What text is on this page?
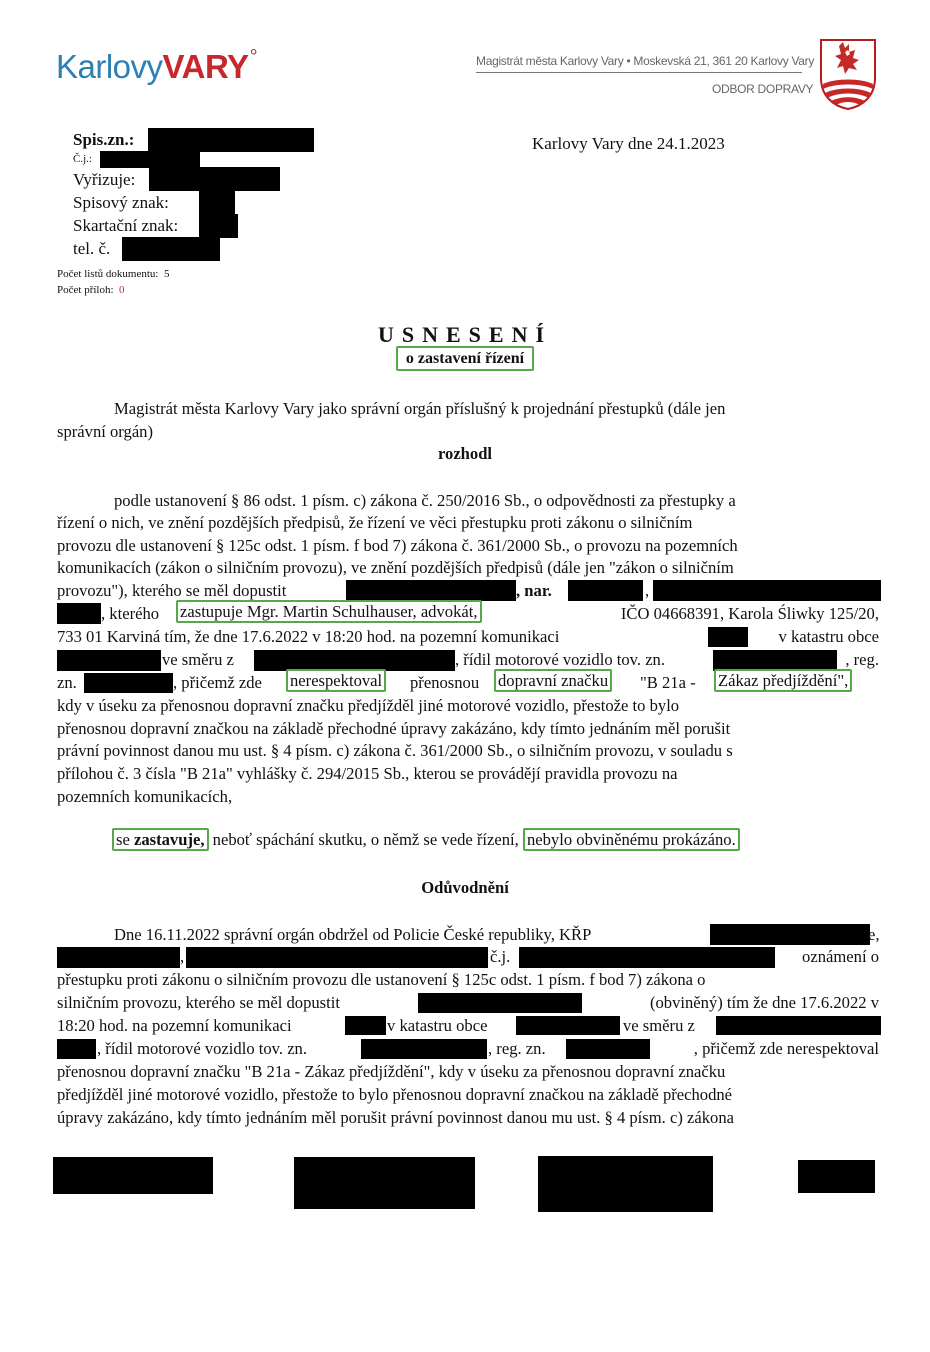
KarlovyVARY°	Magistrát města Karlovy Vary • Moskevská 21, 361 20 Karlovy Vary
ODBOR DOPRAVY
Spis.zn.:
Č.j.:
Vyřizuje:
Spisový znak:
Skartační znak:
tel. č.
Karlovy Vary dne 24.1.2023
Počet listů dokumentu: 5
Počet příloh: 0
USNESENÍ
o zastavení řízení
Magistrát města Karlovy Vary jako správní orgán příslušný k projednání přestupků (dále jen
správní orgán)
rozhodl
podle ustanovení § 86 odst. 1 písm. c) zákona č. 250/2016 Sb., o odpovědnosti za přestupky a
řízení o nich, ve znění pozdějších předpisů, že řízení ve věci přestupku proti zákonu o silničním
provozu dle ustanovení § 125c odst. 1 písm. f bod 7) zákona č. 361/2000 Sb., o provozu na pozemních
komunikacích (zákon o silničním provozu), ve znění pozdějších předpisů (dále jen "zákon o silničním
provozu"), kterého se měl dopustit	, nar.	,
, kterého zastupuje Mgr. Martin Schulhauser, advokát,	IČO 04668391, Karola Śliwky 125/20,
733 01 Karviná tím, že dne 17.6.2022 v 18:20 hod. na pozemní komunikaci	v katastru obce
ve směru z	, řídil motorové vozidlo tov. zn.	, reg.
zn.	, přičemž zde nerespektoval přenosnou dopravní značku "B 21a - Zákaz předjíždění",
kdy v úseku za přenosnou dopravní značku předjížděl jiné motorové vozidlo, přestože to bylo
přenosnou dopravní značkou na základě přechodné úpravy zakázáno, kdy tímto jednáním měl porušit
právní povinnost danou mu ust. § 4 písm. c) zákona č. 361/2000 Sb., o silničním provozu, v souladu s
přílohou č. 3 čísla "B 21a" vyhlášky č. 294/2015 Sb., kterou se provádějí pravidla provozu na
pozemních komunikacích,
se zastavuje, neboť spáchání skutku, o němž se vede řízení, nebylo obviněnému prokázáno.
Odůvodnění
Dne 16.11.2022 správní orgán obdržel od Policie České republiky, KŘP	e,
,	č.j.	oznámení o
přestupku proti zákonu o silničním provozu dle ustanovení § 125c odst. 1 písm. f bod 7) zákona o
silničním provozu, kterého se měl dopustit	(obviněný) tím že dne 17.6.2022 v
18:20 hod. na pozemní komunikaci	v katastru obce	ve směru z
, řídil motorové vozidlo tov. zn.	, reg. zn.	, přičemž zde nerespektoval
přenosnou dopravní značku "B 21a - Zákaz předjíždění", kdy v úseku za přenosnou dopravní značku
předjížděl jiné motorové vozidlo, přestože to bylo přenosnou dopravní značkou na základě přechodné
úpravy zakázáno, kdy tímto jednáním měl porušit právní povinnost danou mu ust. § 4 písm. c) zákona
